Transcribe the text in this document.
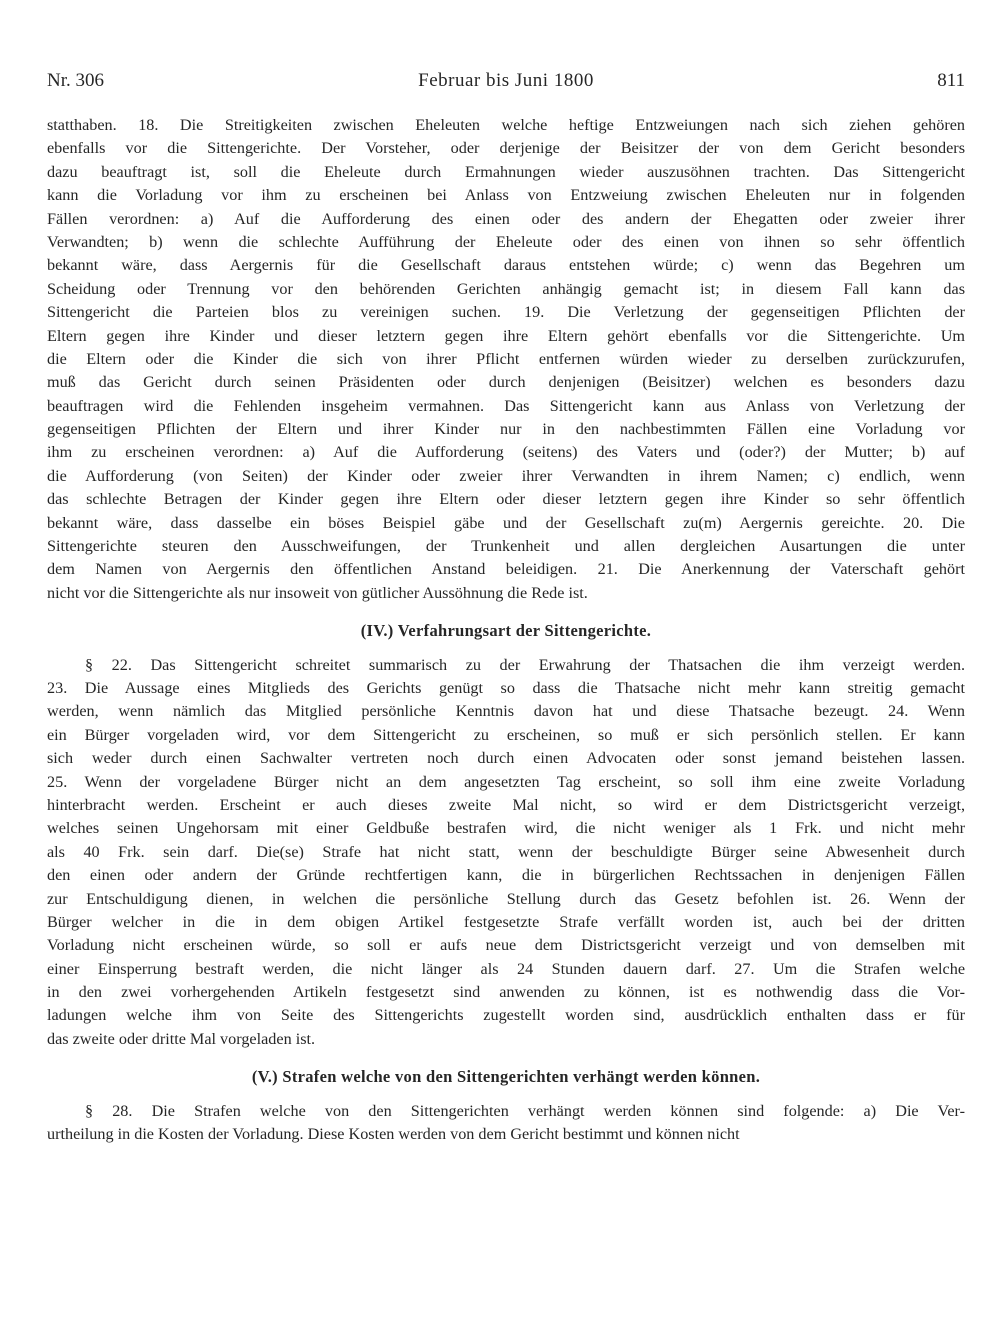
Nr. 306	Februar bis Juni 1800	811
statthaben. 18. Die Streitigkeiten zwischen Eheleuten welche heftige Entzweiungen nach sich ziehen gehören
ebenfalls vor die Sittengerichte. Der Vorsteher, oder derjenige der Beisitzer der von dem Gericht besonders
dazu beauftragt ist, soll die Eheleute durch Ermahnungen wieder auszusöhnen trachten. Das Sittengericht
kann die Vorladung vor ihm zu erscheinen bei Anlass von Entzweiung zwischen Eheleuten nur in folgenden
Fällen verordnen: a) Auf die Aufforderung des einen oder des andern der Ehegatten oder zweier ihrer
Verwandten; b) wenn die schlechte Aufführung der Eheleute oder des einen von ihnen so sehr öffentlich
bekannt wäre, dass Aergernis für die Gesellschaft daraus entstehen würde; c) wenn das Begehren um
Scheidung oder Trennung vor den behörenden Gerichten anhängig gemacht ist; in diesem Fall kann das
Sittengericht die Parteien blos zu vereinigen suchen. 19. Die Verletzung der gegenseitigen Pflichten der
Eltern gegen ihre Kinder und dieser letztern gegen ihre Eltern gehört ebenfalls vor die Sittengerichte. Um
die Eltern oder die Kinder die sich von ihrer Pflicht entfernen würden wieder zu derselben zurückzurufen,
muß das Gericht durch seinen Präsidenten oder durch denjenigen (Beisitzer) welchen es besonders dazu
beauftragen wird die Fehlenden insgeheim vermahnen. Das Sittengericht kann aus Anlass von Verletzung der
gegenseitigen Pflichten der Eltern und ihrer Kinder nur in den nachbestimmten Fällen eine Vorladung vor
ihm zu erscheinen verordnen: a) Auf die Aufforderung (seitens) des Vaters und (oder?) der Mutter; b) auf
die Aufforderung (von Seiten) der Kinder oder zweier ihrer Verwandten in ihrem Namen; c) endlich, wenn
das schlechte Betragen der Kinder gegen ihre Eltern oder dieser letztern gegen ihre Kinder so sehr öffentlich
bekannt wäre, dass dasselbe ein böses Beispiel gäbe und der Gesellschaft zu(m) Aergernis gereichte. 20. Die
Sittengerichte steuren den Ausschweifungen, der Trunkenheit und allen dergleichen Ausartungen die unter
dem Namen von Aergernis den öffentlichen Anstand beleidigen. 21. Die Anerkennung der Vaterschaft gehört
nicht vor die Sittengerichte als nur insoweit von gütlicher Aussöhnung die Rede ist.
(IV.) Verfahrungsart der Sittengerichte.
§ 22. Das Sittengericht schreitet summarisch zu der Erwahrung der Thatsachen die ihm verzeigt werden.
23. Die Aussage eines Mitglieds des Gerichts genügt so dass die Thatsache nicht mehr kann streitig gemacht
werden, wenn nämlich das Mitglied persönliche Kenntnis davon hat und diese Thatsache bezeugt. 24. Wenn
ein Bürger vorgeladen wird, vor dem Sittengericht zu erscheinen, so muß er sich persönlich stellen. Er kann
sich weder durch einen Sachwalter vertreten noch durch einen Advocaten oder sonst jemand beistehen lassen.
25. Wenn der vorgeladene Bürger nicht an dem angesetzten Tag erscheint, so soll ihm eine zweite Vorladung
hinterbracht werden. Erscheint er auch dieses zweite Mal nicht, so wird er dem Districtsgericht verzeigt,
welches seinen Ungehorsam mit einer Geldbuße bestrafen wird, die nicht weniger als 1 Frk. und nicht mehr
als 40 Frk. sein darf. Die(se) Strafe hat nicht statt, wenn der beschuldigte Bürger seine Abwesenheit durch
den einen oder andern der Gründe rechtfertigen kann, die in bürgerlichen Rechtssachen in denjenigen Fällen
zur Entschuldigung dienen, in welchen die persönliche Stellung durch das Gesetz befohlen ist. 26. Wenn der
Bürger welcher in die in dem obigen Artikel festgesetzte Strafe verfällt worden ist, auch bei der dritten
Vorladung nicht erscheinen würde, so soll er aufs neue dem Districtsgericht verzeigt und von demselben mit
einer Einsperrung bestraft werden, die nicht länger als 24 Stunden dauern darf. 27. Um die Strafen welche
in den zwei vorhergehenden Artikeln festgesetzt sind anwenden zu können, ist es nothwendig dass die Vor-
ladungen welche ihm von Seite des Sittengerichts zugestellt worden sind, ausdrücklich enthalten dass er für
das zweite oder dritte Mal vorgeladen ist.
(V.) Strafen welche von den Sittengerichten verhängt werden können.
§ 28. Die Strafen welche von den Sittengerichten verhängt werden können sind folgende: a) Die Ver-
urtheilung in die Kosten der Vorladung. Diese Kosten werden von dem Gericht bestimmt und können nicht
